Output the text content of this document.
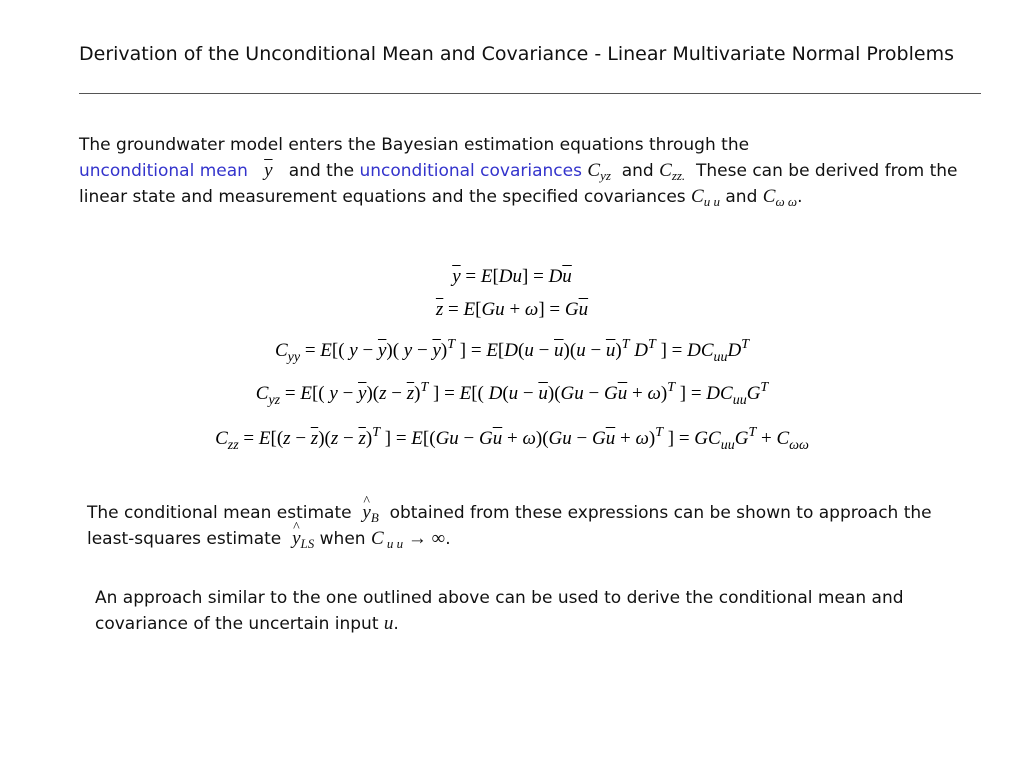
Derivation of the Unconditional Mean and Covariance - Linear Multivariate Normal Problems
The groundwater model enters the Bayesian estimation equations through the
unconditional mean $\overline{y}$ and the unconditional covariances $C_{yz}$ and $C_{zz.}$ These can be derived from the linear state and measurement equations and the specified covariances $C_{u u}$ and $C_{\omega \omega}$.
$\overline{y} = E[Du] = D\overline{u}$
$\overline{z} = E[Gu + \omega] = G\overline{u}$
$C_{yy} = E$[( $y - \overline{y}$)( $y - \overline{y})^T$ ] = $E[D(u - \overline{u})(u - \overline{u})^T$ $D^T$ ] = $DC_{uu}D^T$
$C_{yz} = E$[( $y - \overline{y})(z - \overline{z})^T$ ] = E[( $D(u - \overline{u})(Gu - G\overline{u} + \omega)^T$ ] = $DC_{uu}G^T$
$C_{zz} = E[(z - \overline{z})(z - \overline{z})^T$ ] = $E[(Gu - G\overline{u} + \omega)(Gu - G\overline{u} + \omega)^T$ ] = $GC_{uu}G^T + C_{\omega\omega}$
The conditional mean estimate ^ $y_B$ obtained from these expressions can be shown to approach the least-squares estimate ^ $y_{LS}$ when C $_{u u}$ → ∞.
An approach similar to the one outlined above can be used to derive the conditional mean and covariance of the uncertain input u.
